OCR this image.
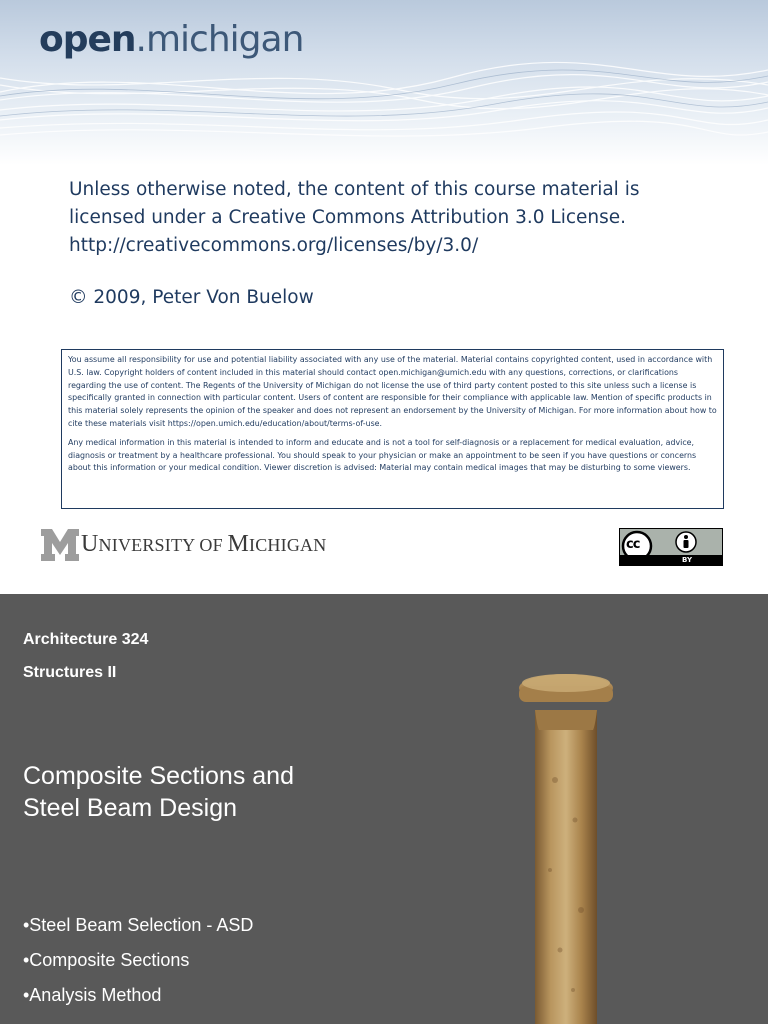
open.michigan

Unless otherwise noted, the content of this course material is

licensed under a Creative Commons Attribution 3.0 License.

http://creativecommons.org/licenses/by/3.0/

© 2009, Peter Von Buelow

You assume all responsibility for use and potential liability associated with any use of the material. Material contains copyrighted content, used in accordance with U.S. law. Copyright holders of content included in this material should contact open.michigan@umich.edu with any questions, corrections, or clarifications regarding the use of content. The Regents of the University of Michigan do not license the use of third party content posted to this site unless such a license is specifically granted in connection with particular content. Users of content are responsible for their compliance with applicable law. Mention of specific products in this material solely represents the opinion of the speaker and does not represent an endorsement by the University of Michigan. For more information about how to cite these materials visit https://open.umich.edu/education/about/terms-of-use.

Any medical information in this material is intended to inform and educate and is not a tool for self-diagnosis or a replacement for medical evaluation, advice, diagnosis or treatment by a healthcare professional. You should speak to your physician or make an appointment to be seen if you have questions or concerns about this information or your medical condition. Viewer discretion is advised: Material may contain medical images that may be disturbing to some viewers.

UNIVERSITY OF MICHIGAN	cc
BY
Architecture 324
Structures II
Composite Sections and
Steel Beam Design
•Steel Beam Selection - ASD
•Composite Sections
•Analysis Method
